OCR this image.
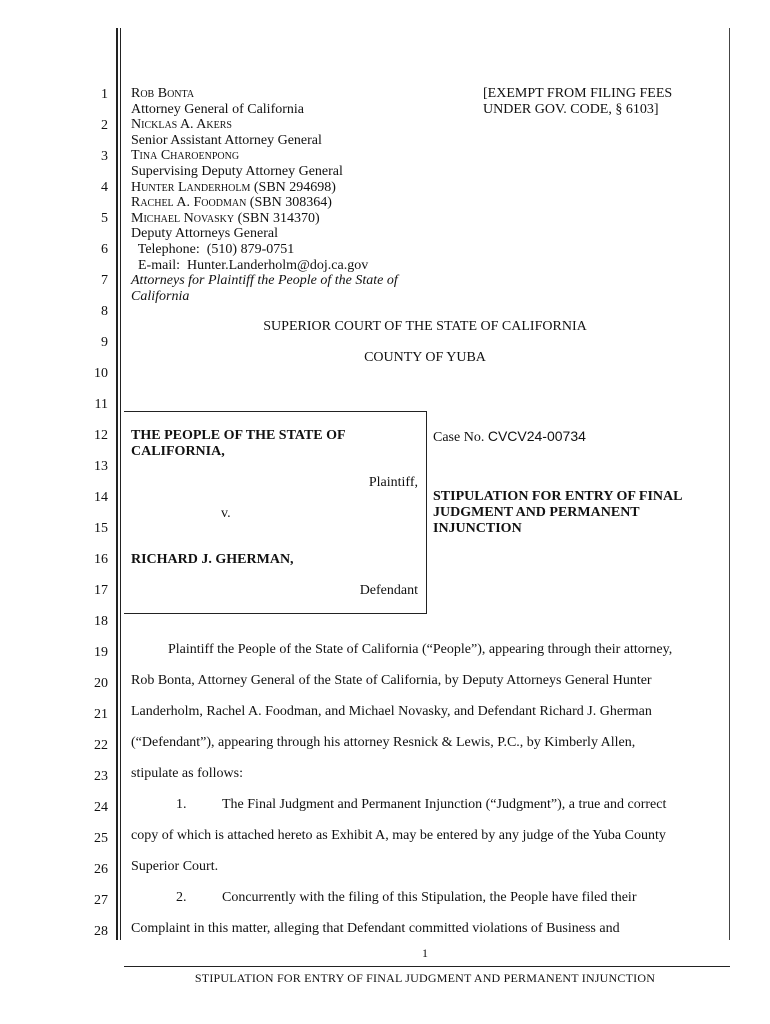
1
2
3
4
5
6
7
8
9
10
11
12
13
14
15
16
17
18
19
20
21
22
23
24
25
26
27
28
Rob Bonta
Attorney General of California
Nicklas A. Akers
Senior Assistant Attorney General
Tina Charoenpong
Supervising Deputy Attorney General
Hunter Landerholm (SBN 294698)
Rachel A. Foodman (SBN 308364)
Michael Novasky (SBN 314370)
Deputy Attorneys General
Telephone:  (510) 879-0751
E-mail:  Hunter.Landerholm@doj.ca.gov
Attorneys for Plaintiff the People of the State of
California
[EXEMPT FROM FILING FEES
UNDER GOV. CODE, § 6103]
SUPERIOR COURT OF THE STATE OF CALIFORNIA
COUNTY OF YUBA
THE PEOPLE OF THE STATE OF
CALIFORNIA,
Plaintiff,
v.
RICHARD J. GHERMAN,
Defendant
Case No. CVCV24-00734
STIPULATION FOR ENTRY OF FINAL
JUDGMENT AND PERMANENT
INJUNCTION
Plaintiff the People of the State of California (“People”), appearing through their attorney,
Rob Bonta, Attorney General of the State of California, by Deputy Attorneys General Hunter
Landerholm, Rachel A. Foodman, and Michael Novasky, and Defendant Richard J. Gherman
(“Defendant”), appearing through his attorney Resnick & Lewis, P.C., by Kimberly Allen,
stipulate as follows:
1.	The Final Judgment and Permanent Injunction (“Judgment”), a true and correct
copy of which is attached hereto as Exhibit A, may be entered by any judge of the Yuba County
Superior Court.
2.	Concurrently with the filing of this Stipulation, the People have filed their
Complaint in this matter, alleging that Defendant committed violations of Business and
1
STIPULATION FOR ENTRY OF FINAL JUDGMENT AND PERMANENT INJUNCTION
